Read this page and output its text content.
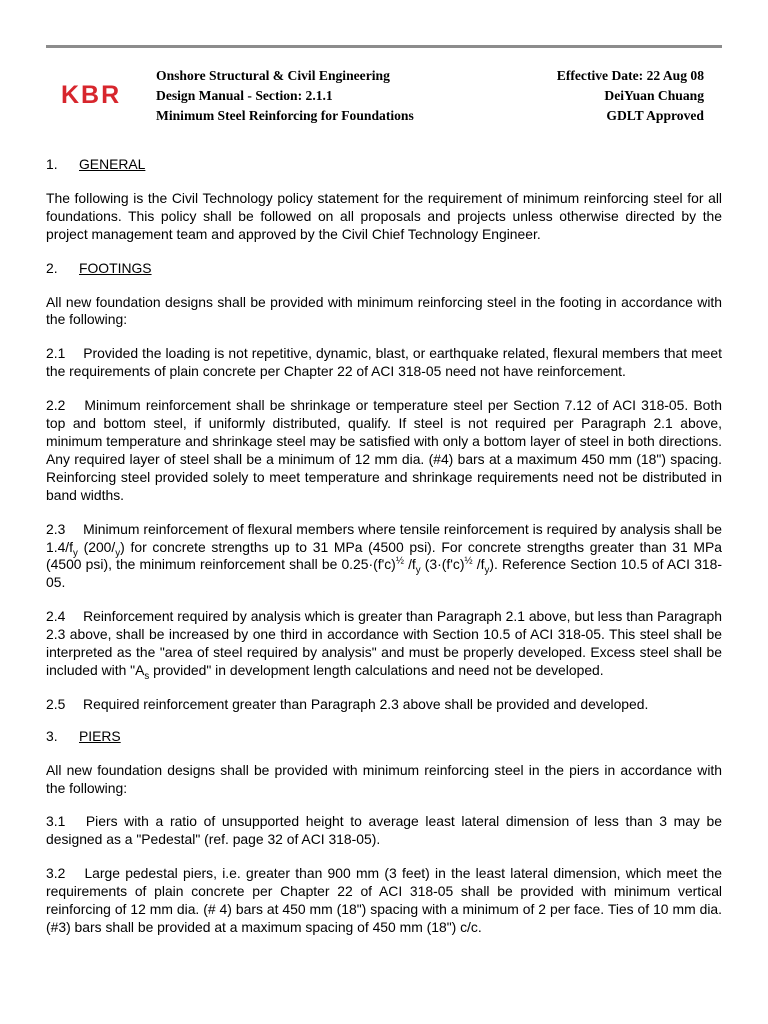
KBR
Onshore Structural & Civil Engineering
Design Manual - Section: 2.1.1
Minimum Steel Reinforcing for Foundations
Effective Date: 22 Aug 08
DeiYuan Chuang
GDLT Approved
1. GENERAL

The following is the Civil Technology policy statement for the requirement of minimum reinforcing steel for all foundations. This policy shall be followed on all proposals and projects unless otherwise directed by the project management team and approved by the Civil Chief Technology Engineer.

2. FOOTINGS

All new foundation designs shall be provided with minimum reinforcing steel in the footing in accordance with the following:

2.1  Provided the loading is not repetitive, dynamic, blast, or earthquake related, flexural members that meet the requirements of plain concrete per Chapter 22 of ACI 318-05 need not have reinforcement.

2.2  Minimum reinforcement shall be shrinkage or temperature steel per Section 7.12 of ACI 318-05. Both top and bottom steel, if uniformly distributed, qualify. If steel is not required per Paragraph 2.1 above, minimum temperature and shrinkage steel may be satisfied with only a bottom layer of steel in both directions. Any required layer of steel shall be a minimum of 12 mm dia. (#4) bars at a maximum 450 mm (18") spacing. Reinforcing steel provided solely to meet temperature and shrinkage requirements need not be distributed in band widths.

2.3  Minimum reinforcement of flexural members where tensile reinforcement is required by analysis shall be $1.4/f_y$ $(200/_y)$ for concrete strengths up to 31 MPa (4500 psi). For concrete strengths greater than 31 MPa (4500 psi), the minimum reinforcement shall be $0.25\cdot(f'c)^{\frac{1}{2}}$ $/f_y$ ($3\cdot(f'c)^{\frac{1}{2}}$ $/f_y$). Reference Section 10.5 of ACI 318-05.

2.4  Reinforcement required by analysis which is greater than Paragraph 2.1 above, but less than Paragraph 2.3 above, shall be increased by one third in accordance with Section 10.5 of ACI 318-05. This steel shall be interpreted as the "area of steel required by analysis" and must be properly developed. Excess steel shall be included with "$A_s$ provided" in development length calculations and need not be developed.

2.5  Required reinforcement greater than Paragraph 2.3 above shall be provided and developed.

3. PIERS

All new foundation designs shall be provided with minimum reinforcing steel in the piers in accordance with the following:

3.1  Piers with a ratio of unsupported height to average least lateral dimension of less than 3 may be designed as a "Pedestal" (ref. page 32 of ACI 318-05).

3.2  Large pedestal piers, i.e. greater than 900 mm (3 feet) in the least lateral dimension, which meet the requirements of plain concrete per Chapter 22 of ACI 318-05 shall be provided with minimum vertical reinforcing of 12 mm dia. (# 4) bars at 450 mm (18") spacing with a minimum of 2 per face. Ties of 10 mm dia. (#3) bars shall be provided at a maximum spacing of 450 mm (18") c/c.
